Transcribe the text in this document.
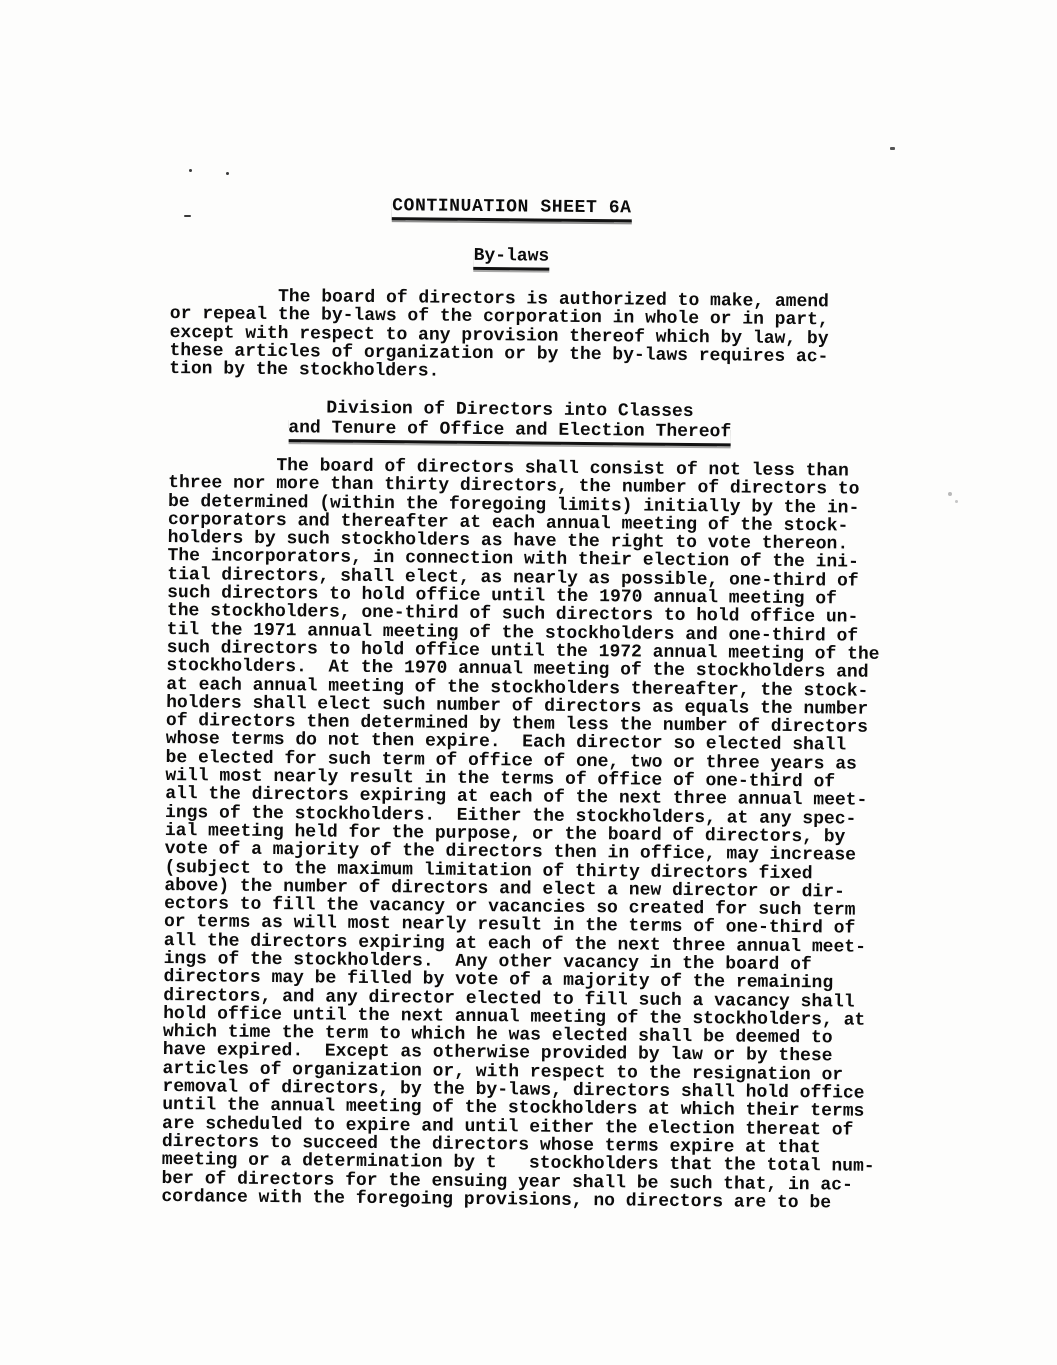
CONTINUATION SHEET 6A
By-laws
The board of directors is authorized to make, amend
or repeal the by-laws of the corporation in whole or in part,
except with respect to any provision thereof which by law, by
these articles of organization or by the by-laws requires ac-
tion by the stockholders.
Division of Directors into Classes
and Tenure of Office and Election Thereof
The board of directors shall consist of not less than
three nor more than thirty directors, the number of directors to
be determined (within the foregoing limits) initially by the in-
corporators and thereafter at each annual meeting of the stock-
holders by such stockholders as have the right to vote thereon.
The incorporators, in connection with their election of the ini-
tial directors, shall elect, as nearly as possible, one-third of
such directors to hold office until the 1970 annual meeting of
the stockholders, one-third of such directors to hold office un-
til the 1971 annual meeting of the stockholders and one-third of
such directors to hold office until the 1972 annual meeting of the
stockholders.  At the 1970 annual meeting of the stockholders and
at each annual meeting of the stockholders thereafter, the stock-
holders shall elect such number of directors as equals the number
of directors then determined by them less the number of directors
whose terms do not then expire.  Each director so elected shall
be elected for such term of office of one, two or three years as
will most nearly result in the terms of office of one-third of
all the directors expiring at each of the next three annual meet-
ings of the stockholders.  Either the stockholders, at any spec-
ial meeting held for the purpose, or the board of directors, by
vote of a majority of the directors then in office, may increase
(subject to the maximum limitation of thirty directors fixed
above) the number of directors and elect a new director or dir-
ectors to fill the vacancy or vacancies so created for such term
or terms as will most nearly result in the terms of one-third of
all the directors expiring at each of the next three annual meet-
ings of the stockholders.  Any other vacancy in the board of
directors may be filled by vote of a majority of the remaining
directors, and any director elected to fill such a vacancy shall
hold office until the next annual meeting of the stockholders, at
which time the term to which he was elected shall be deemed to
have expired.  Except as otherwise provided by law or by these
articles of organization or, with respect to the resignation or
removal of directors, by the by-laws, directors shall hold office
until the annual meeting of the stockholders at which their terms
are scheduled to expire and until either the election thereat of
directors to succeed the directors whose terms expire at that
meeting or a determination by t   stockholders that the total num-
ber of directors for the ensuing year shall be such that, in ac-
cordance with the foregoing provisions, no directors are to be
